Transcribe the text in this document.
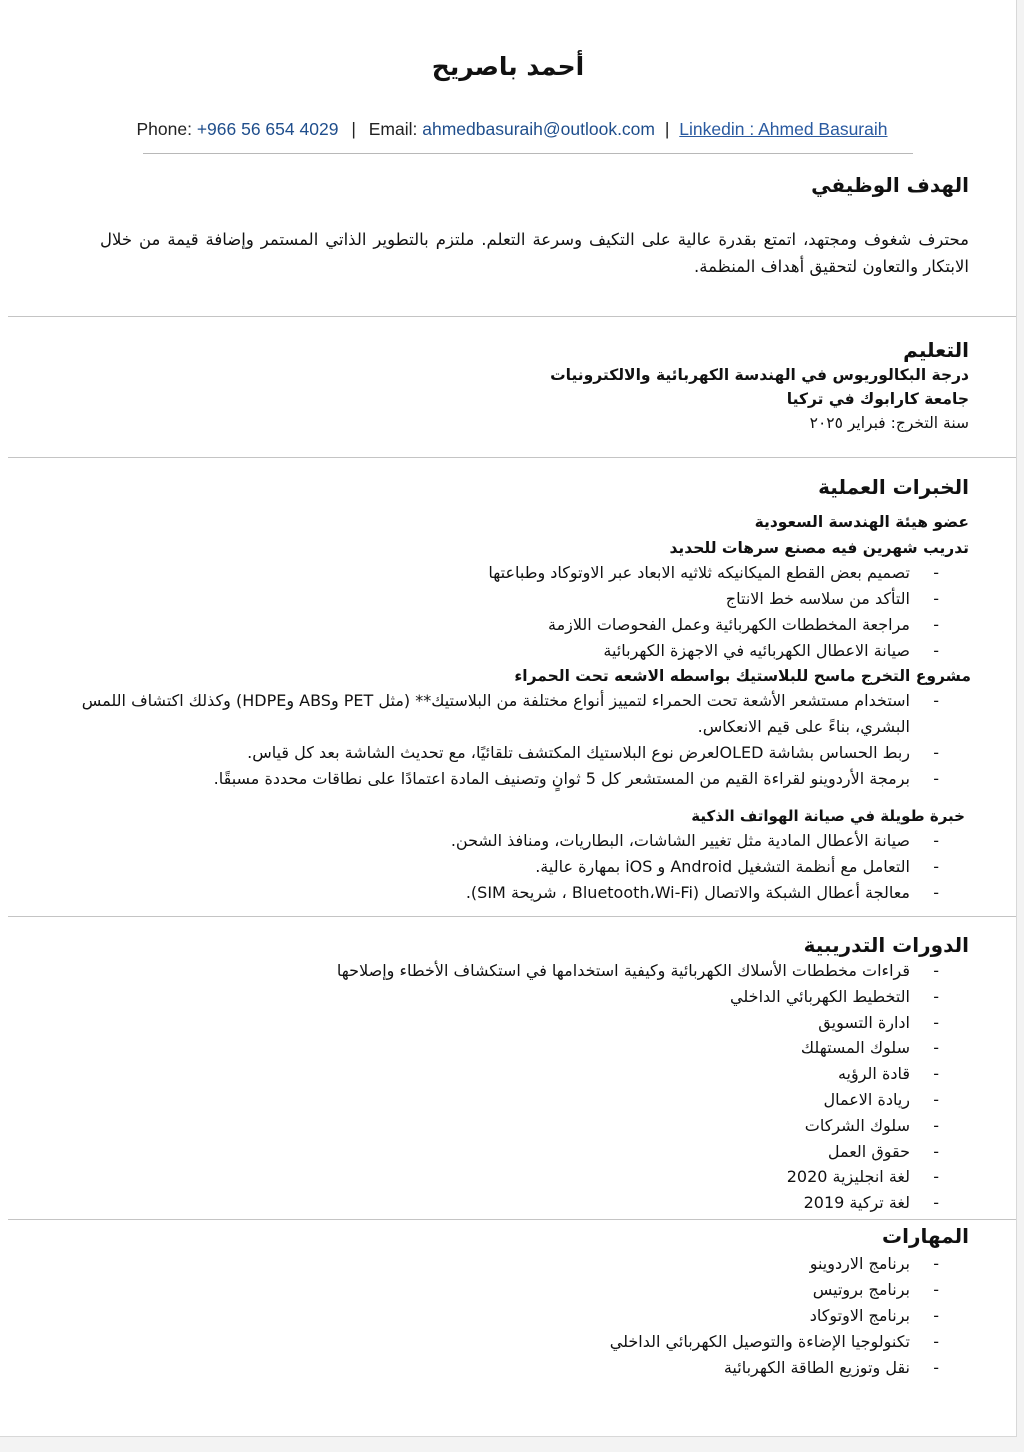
أحمد باصريح
Phone: +966 56 654 4029 | Email: ahmedbasuraih@outlook.com | Linkedin : Ahmed Basuraih
الهدف الوظيفي
محترف شغوف ومجتهد، اتمتع بقدرة عالية على التكيف وسرعة التعلم. ملتزم بالتطوير الذاتي المستمر وإضافة قيمة من خلال الابتكار والتعاون لتحقيق أهداف المنظمة.
التعليم
درجة البكالوريوس في الهندسة الكهربائية والالكترونيات
جامعة كارابوك في تركيا
سنة التخرج: فبراير ٢٠٢٥
الخبرات العملية
عضو هيئة الهندسة السعودية
تدريب شهرين فيه مصنع سرهات للحديد
- تصميم بعض القطع الميكانيكه ثلاثيه الابعاد عبر الاوتوكاد وطباعتها
- التأكد من سلاسه خط الانتاج
- مراجعة المخططات الكهربائية وعمل الفحوصات اللازمة
- صيانة الاعطال الكهربائيه في الاجهزة الكهربائية
مشروع التخرج ماسح للبلاستيك بواسطه الاشعه تحت الحمراء
- استخدام مستشعر الأشعة تحت الحمراء لتمييز أنواع مختلفة من البلاستيك** (مثل PET وABS وHDPE) وكذلك اكتشاف اللمس البشري، بناءً على قيم الانعكاس.
- ربط الحساس بشاشة OLEDلعرض نوع البلاستيك المكتشف تلقائيًا، مع تحديث الشاشة بعد كل قياس.
- برمجة الأردوينو لقراءة القيم من المستشعر كل 5 ثوانٍ وتصنيف المادة اعتمادًا على نطاقات محددة مسبقًا.
خبرة طويلة في صيانة الهواتف الذكية
- صيانة الأعطال المادية مثل تغيير الشاشات، البطاريات، ومنافذ الشحن.
- التعامل مع أنظمة التشغيل Android و iOS بمهارة عالية.
- معالجة أعطال الشبكة والاتصال (Bluetooth،Wi-Fi ، شريحة SIM).
الدورات التدريبية
- قراءات مخططات الأسلاك الكهربائية وكيفية استخدامها في استكشاف الأخطاء وإصلاحها
- التخطيط الكهربائي الداخلي
- ادارة التسويق
- سلوك المستهلك
- قادة الرؤيه
- ريادة الاعمال
- سلوك الشركات
- حقوق العمل
- لغة انجليزية 2020
- لغة تركية 2019
المهارات
- برنامج الاردوينو
- برنامج بروتيس
- برنامج الاوتوكاد
- تكنولوجيا الإضاءة والتوصيل الكهربائي الداخلي
- نقل وتوزيع الطاقة الكهربائية
